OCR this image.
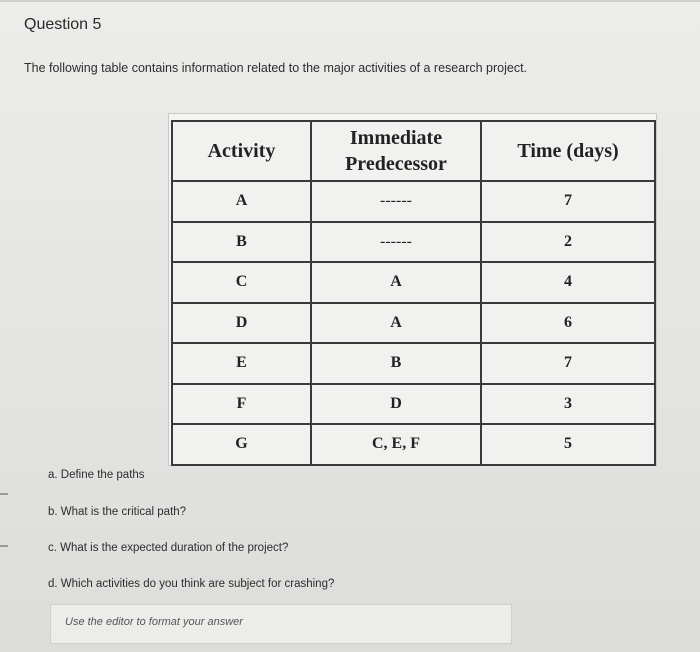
Question 5
The following table contains information related to the major activities of a research project.
Activity	Immediate Predecessor	Time (days)
A	------	7
B	------	2
C	A	4
D	A	6
E	B	7
F	D	3
G	C, E, F	5
a. Define the paths
b. What is the critical path?
c. What is the expected duration of the project?
d. Which activities do you think are subject for crashing?
Use the editor to format your answer
